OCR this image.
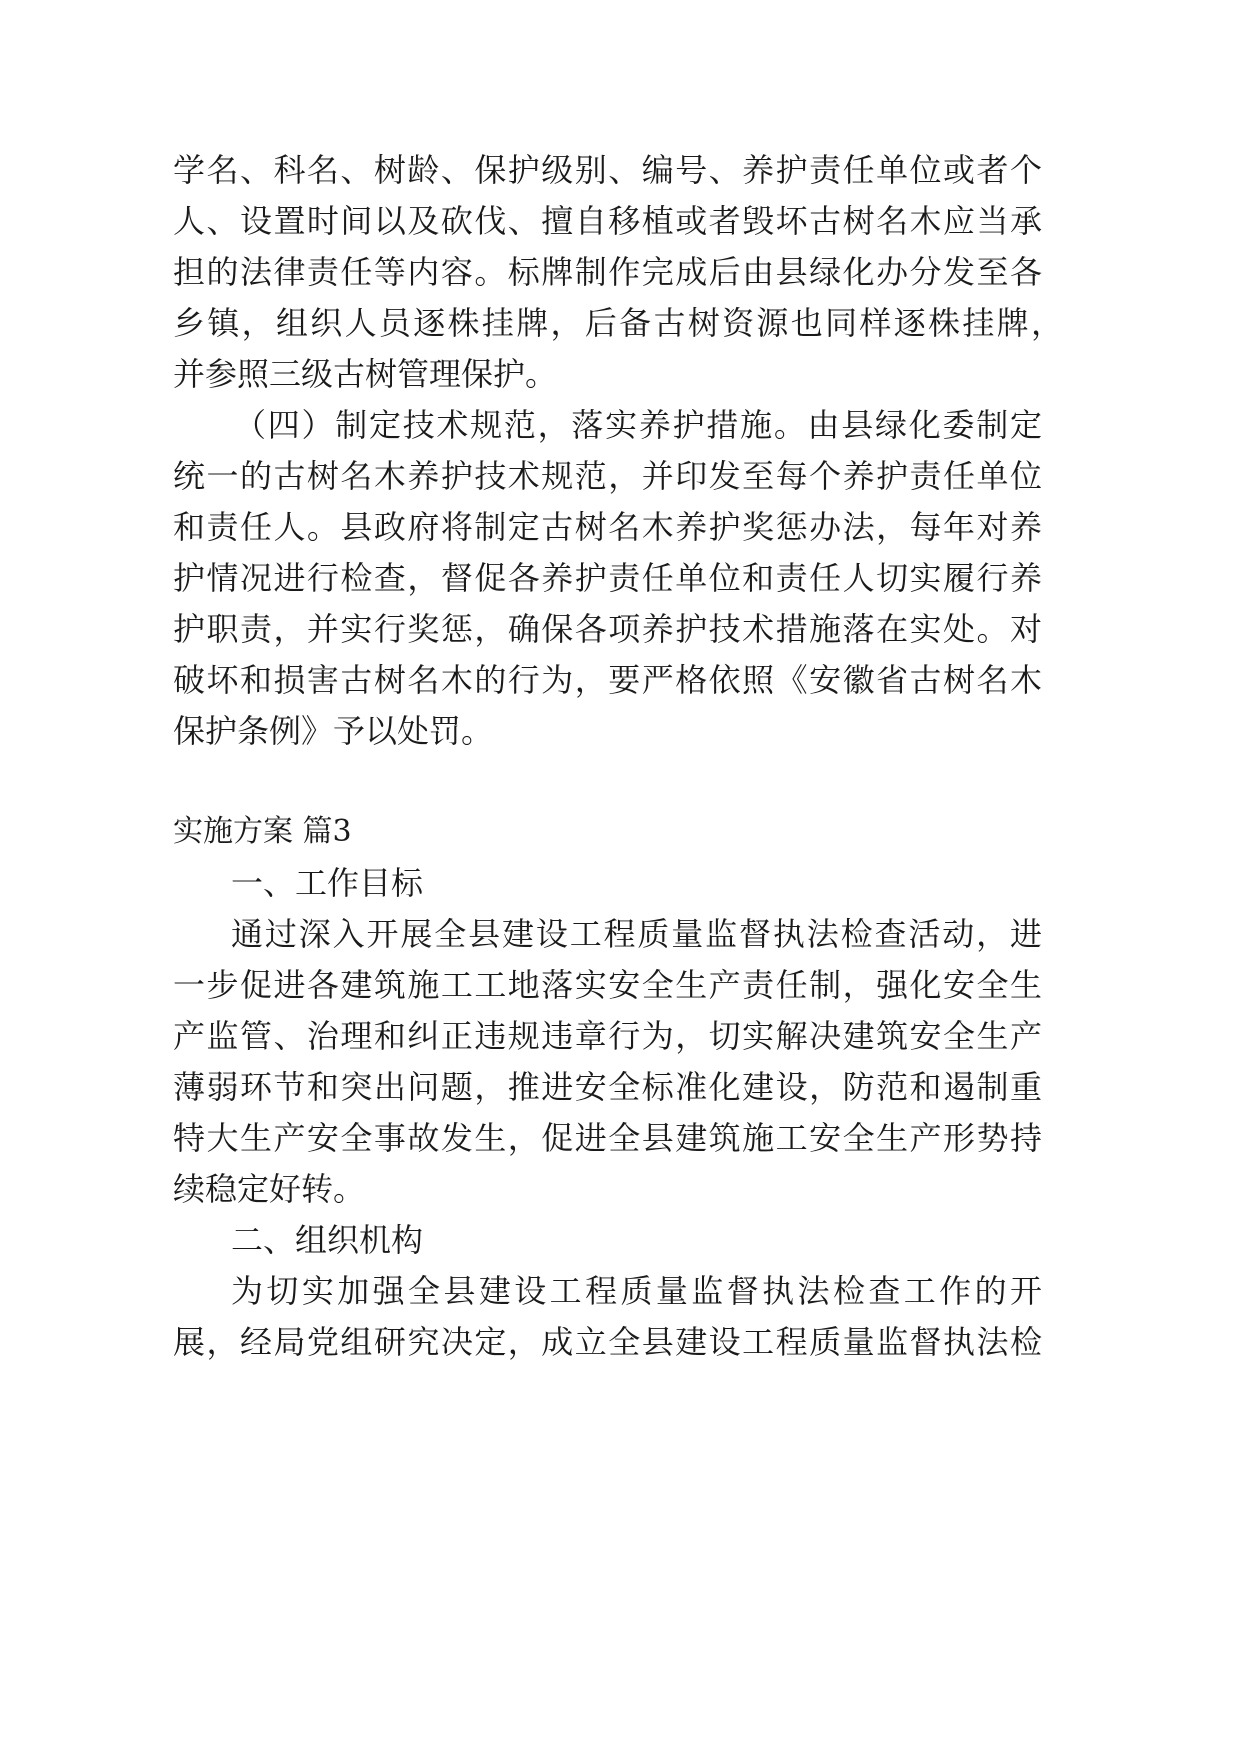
学名、科名、树龄、保护级别、编号、养护责任单位或者个

人、设置时间以及砍伐、擅自移植或者毁坏古树名木应当承

担的法律责任等内容。标牌制作完成后由县绿化办分发至各

乡镇，组织人员逐株挂牌，后备古树资源也同样逐株挂牌，

并参照三级古树管理保护。

（四）制定技术规范，落实养护措施。由县绿化委制定

统一的古树名木养护技术规范，并印发至每个养护责任单位

和责任人。县政府将制定古树名木养护奖惩办法，每年对养

护情况进行检查，督促各养护责任单位和责任人切实履行养

护职责，并实行奖惩，确保各项养护技术措施落在实处。对

破坏和损害古树名木的行为，要严格依照《安徽省古树名木

保护条例》予以处罚。

实施方案 篇3

一、工作目标

通过深入开展全县建设工程质量监督执法检查活动，进

一步促进各建筑施工工地落实安全生产责任制，强化安全生

产监管、治理和纠正违规违章行为，切实解决建筑安全生产

薄弱环节和突出问题，推进安全标准化建设，防范和遏制重

特大生产安全事故发生，促进全县建筑施工安全生产形势持

续稳定好转。

二、组织机构

为切实加强全县建设工程质量监督执法检查工作的开

展，经局党组研究决定，成立全县建设工程质量监督执法检
